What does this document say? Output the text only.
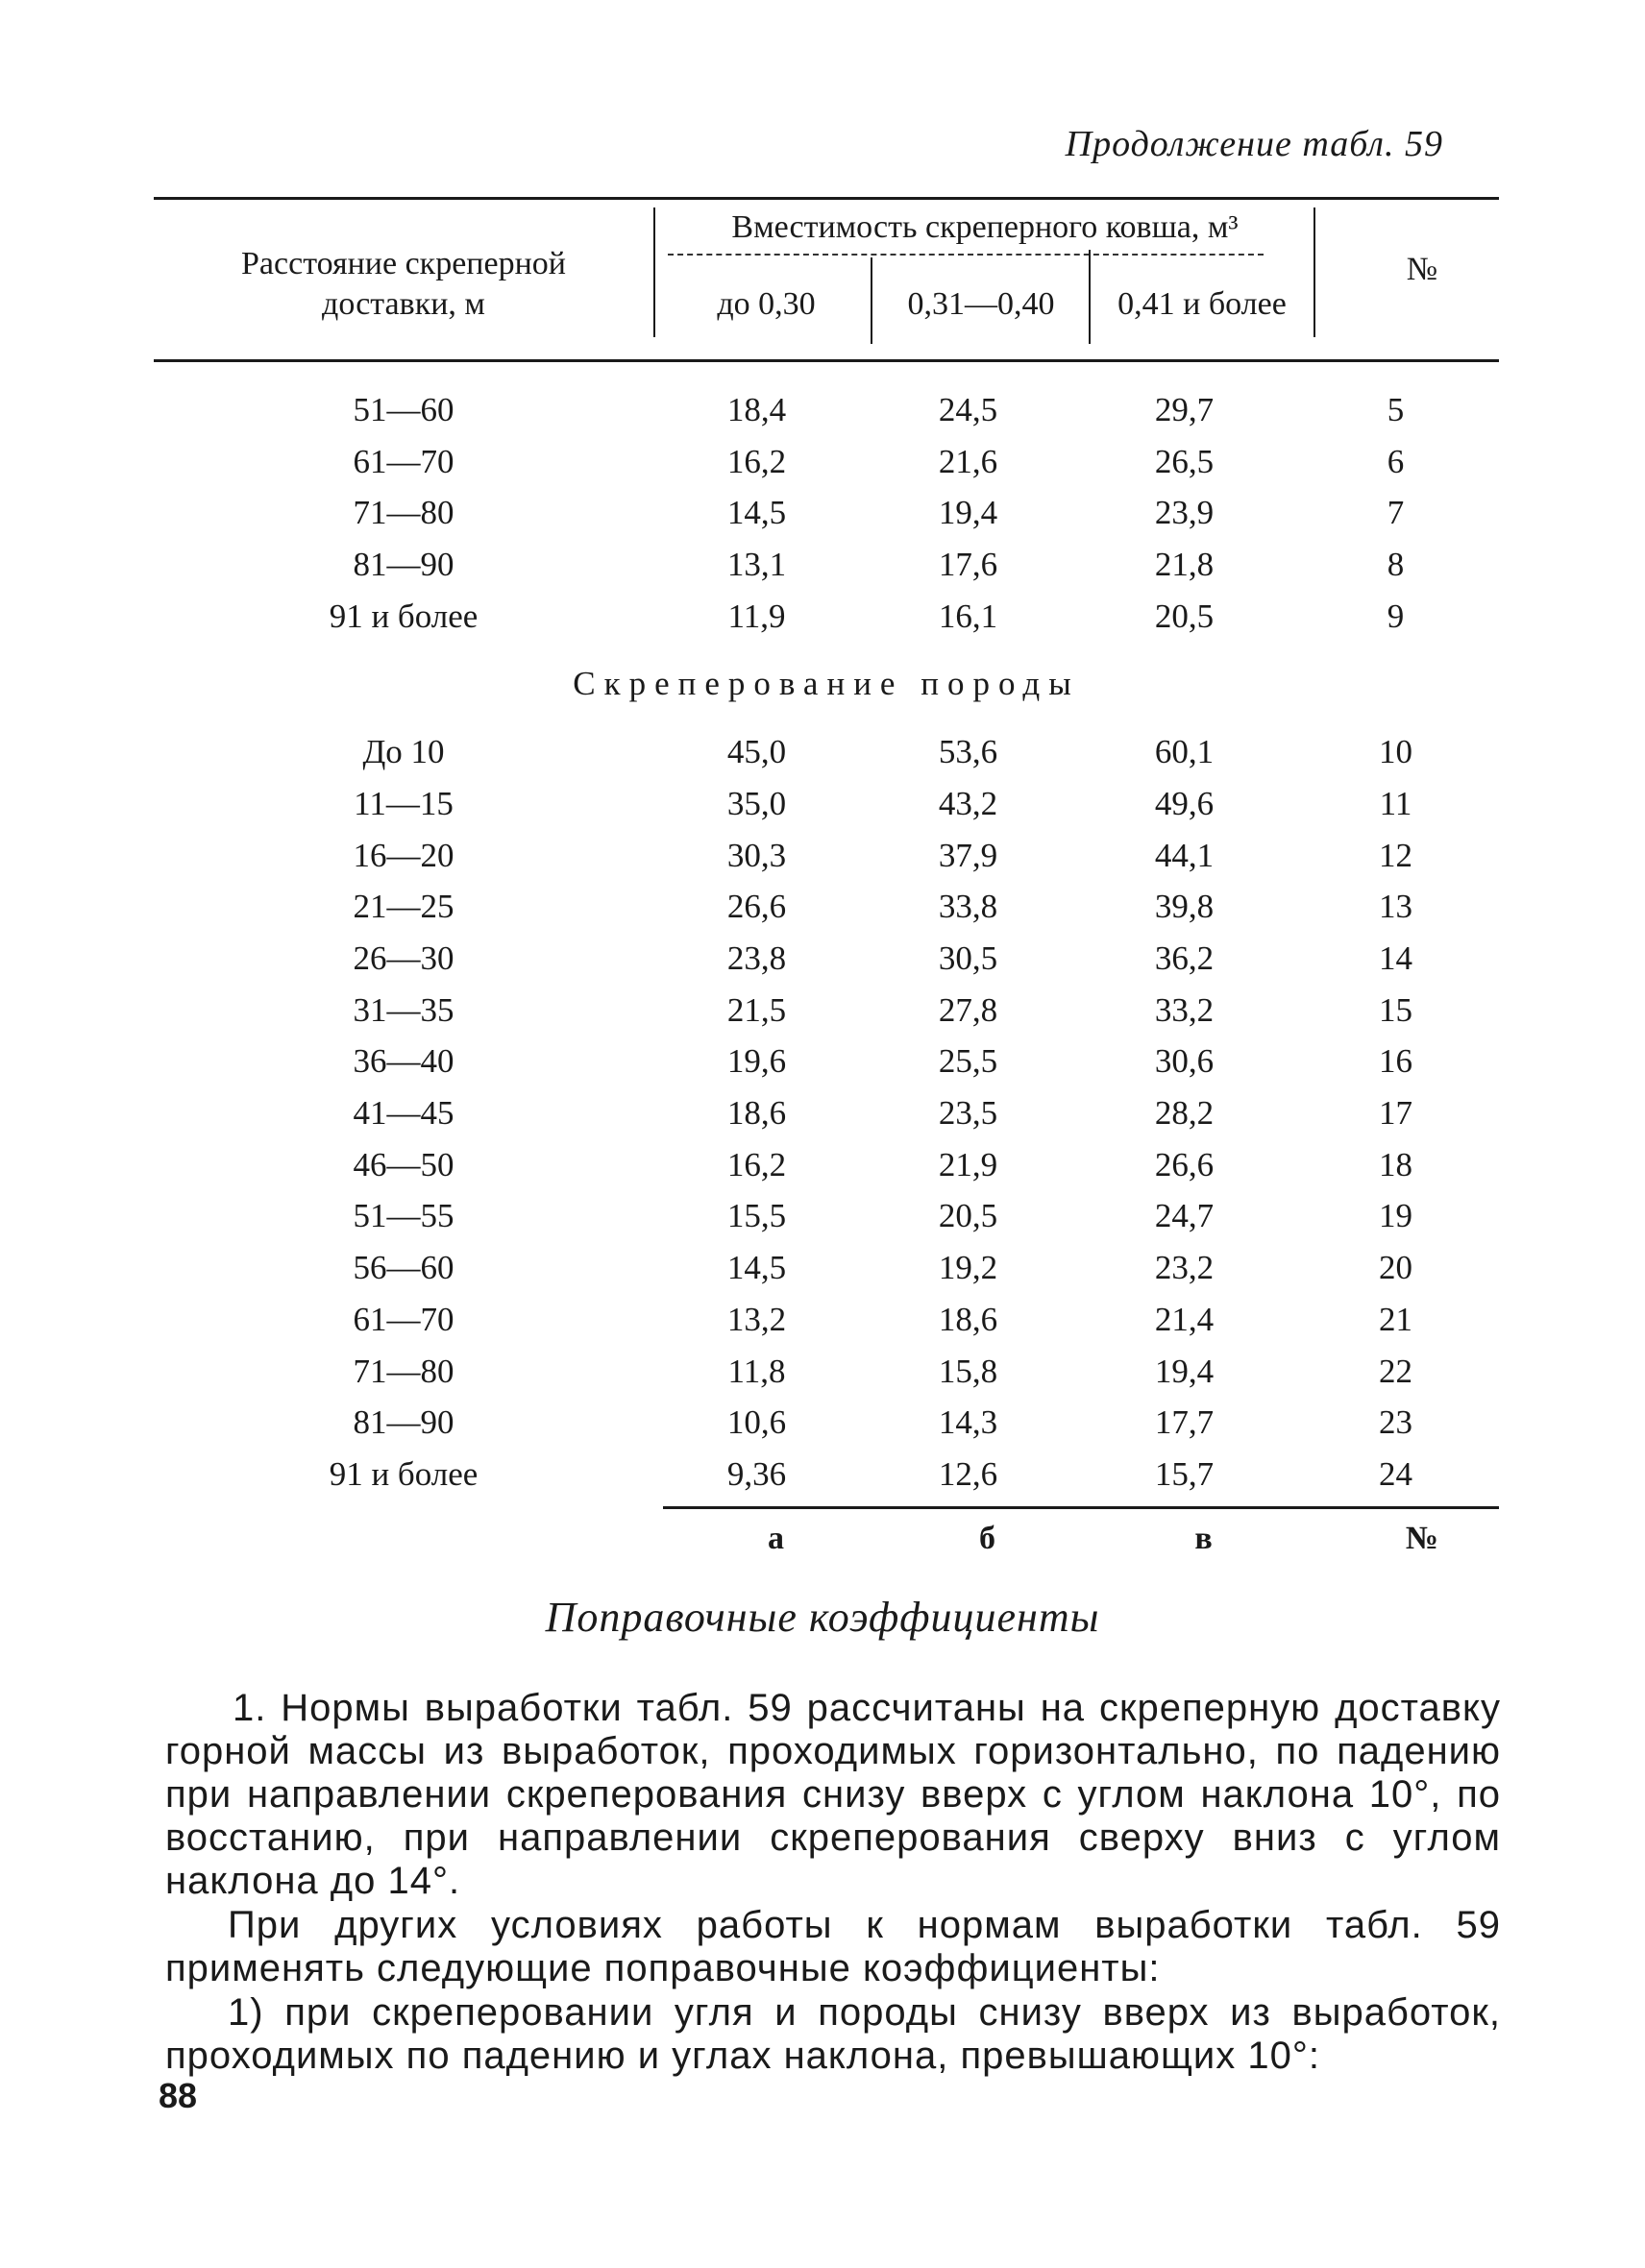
Продолжение табл. 59
Расстояние скреперной доставки, м
Вместимость скреперного ковша, м³
до 0,30	0,31—0,40	0,41 и более
№
51—60	18,4	24,5	29,7	5
61—70	16,2	21,6	26,5	6
71—80	14,5	19,4	23,9	7
81—90	13,1	17,6	21,8	8
91 и более	11,9	16,1	20,5	9
Скреперование породы				
До 10	45,0	53,6	60,1	10
11—15	35,0	43,2	49,6	11
16—20	30,3	37,9	44,1	12
21—25	26,6	33,8	39,8	13
26—30	23,8	30,5	36,2	14
31—35	21,5	27,8	33,2	15
36—40	19,6	25,5	30,6	16
41—45	18,6	23,5	28,2	17
46—50	16,2	21,9	26,6	18
51—55	15,5	20,5	24,7	19
56—60	14,5	19,2	23,2	20
61—70	13,2	18,6	21,4	21
71—80	11,8	15,8	19,4	22
81—90	10,6	14,3	17,7	23
91 и более	9,36	12,6	15,7	24
а	б	в	№
Поправочные коэффициенты
1. Нормы выработки табл. 59 рассчитаны на скреперную доставку горной массы из выработок, проходимых горизонтально, по падению при направлении скреперования снизу вверх с углом наклона 10°, по восстанию, при направлении скреперования сверху вниз с углом наклона до 14°.
При других условиях работы к нормам выработки табл. 59 применять следующие поправочные коэффициенты:
1) при скреперовании угля и породы снизу вверх из выработок, проходимых по падению и углах наклона, превышающих 10°:
88
